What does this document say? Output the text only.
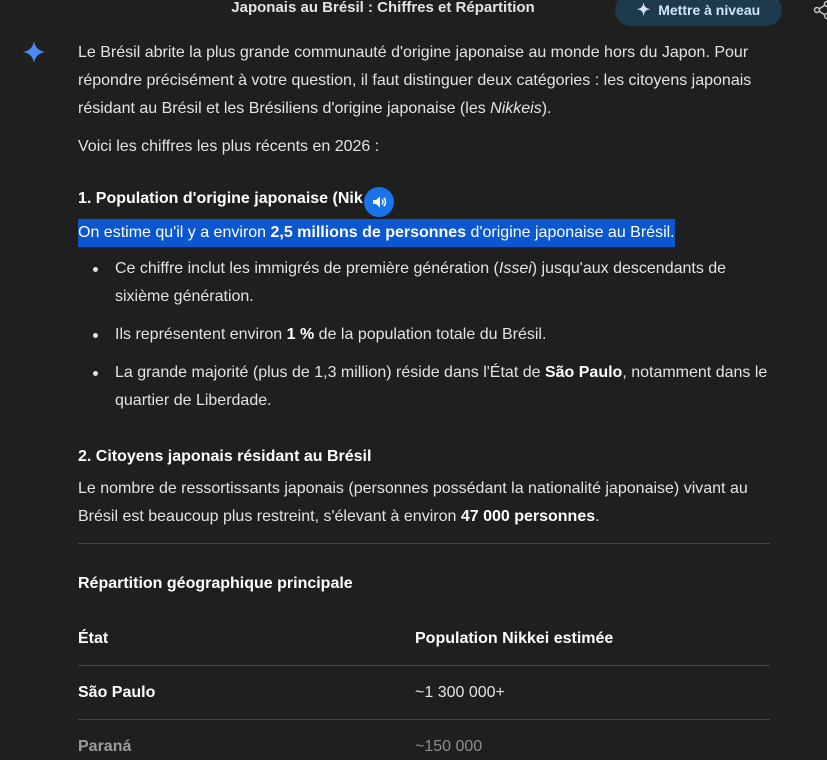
Japonais au Brésil : Chiffres et Répartition	✦ Mettre à niveau

Le Brésil abrite la plus grande communauté d'origine japonaise au monde hors du Japon. Pour répondre précisément à votre question, il faut distinguer deux catégories : les citoyens japonais résidant au Brésil et les Brésiliens d'origine japonaise (les Nikkeis).

Voici les chiffres les plus récents en 2026 :

1. Population d'origine japonaise (Nik

On estime qu'il y a environ 2,5 millions de personnes d'origine japonaise au Brésil.
Ce chiffre inclut les immigrés de première génération (Issei) jusqu'aux descendants de sixième génération.
Ils représentent environ 1 % de la population totale du Brésil.
La grande majorité (plus de 1,3 million) réside dans l'État de São Paulo, notamment dans le quartier de Liberdade.

2. Citoyens japonais résidant au Brésil

Le nombre de ressortissants japonais (personnes possédant la nationalité japonaise) vivant au Brésil est beaucoup plus restreint, s'élevant à environ 47 000 personnes.

Répartition géographique principale

État	Population Nikkei estimée
São Paulo	~1 300 000+
Paraná	~150 000
